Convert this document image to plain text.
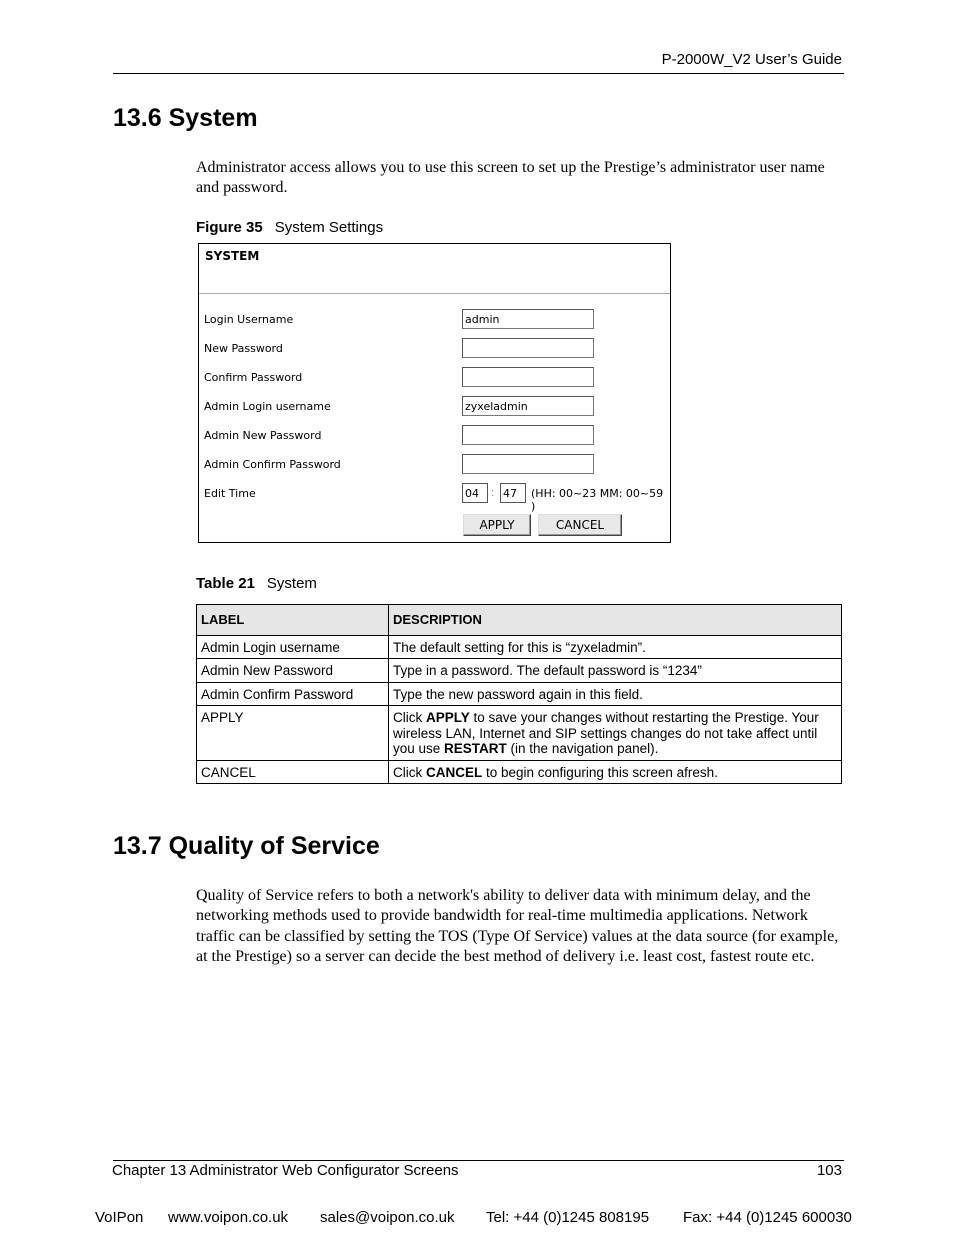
P-2000W_V2 User’s Guide
13.6 System

Administrator access allows you to use this screen to set up the Prestige’s administrator user name and password.

Figure 35 System Settings
SYSTEM
Login Username	admin
New Password
Confirm Password
Admin Login username	zyxeladmin
Admin New Password
Admin Confirm Password
Edit Time	04	: 47	(HH: 00~23 MM: 00~59 )
APPLY	CANCEL
Table 21 System
LABEL	DESCRIPTION
Admin Login username	The default setting for this is “zyxeladmin”.
Admin New Password	Type in a password. The default password is “1234”
Admin Confirm Password	Type the new password again in this field.
APPLY	Click APPLY to save your changes without restarting the Prestige. Your wireless LAN, Internet and SIP settings changes do not take affect until you use RESTART (in the navigation panel).
CANCEL	Click CANCEL to begin configuring this screen afresh.
13.7 Quality of Service

Quality of Service refers to both a network's ability to deliver data with minimum delay, and the networking methods used to provide bandwidth for real-time multimedia applications. Network traffic can be classified by setting the TOS (Type Of Service) values at the data source (for example, at the Prestige) so a server can decide the best method of delivery i.e. least cost, fastest route etc.

Chapter 13 Administrator Web Configurator Screens	103
VoIPon www.voipon.co.uk sales@voipon.co.uk Tel: +44 (0)1245 808195 Fax: +44 (0)1245 600030
